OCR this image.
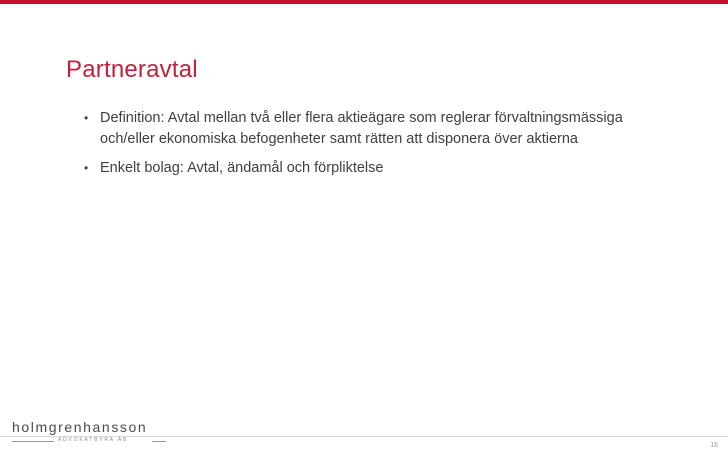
Partneravtal
• Definition: Avtal mellan två eller flera aktieägare som reglerar förvaltningsmässiga och/eller ekonomiska befogenheter samt rätten att disponera över aktierna
• Enkelt bolag: Avtal, ändamål och förpliktelse
holmgrenhansson
ADVOKATBYRÅ AB
16
